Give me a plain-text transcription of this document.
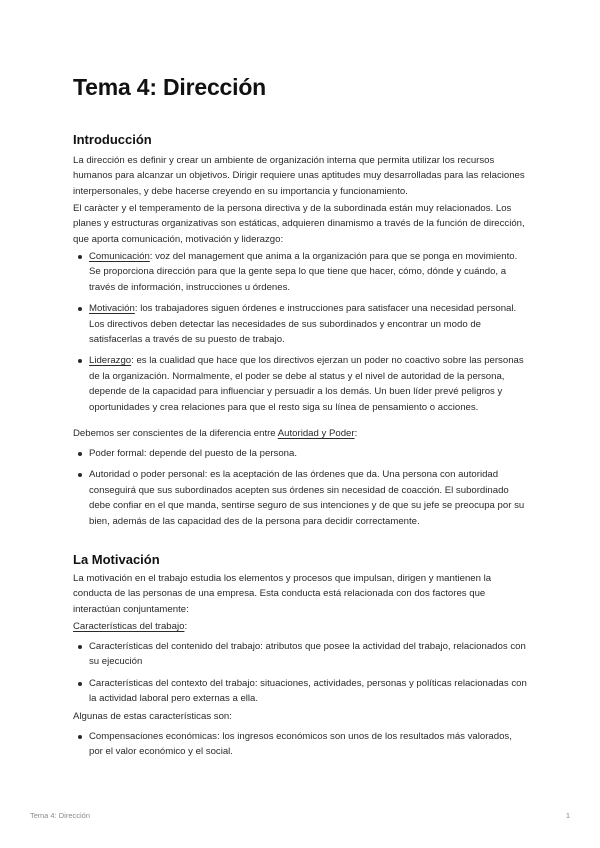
Tema 4: Dirección
Introducción

La dirección es definir y crear un ambiente de organización interna que permita utilizar los recursos humanos para alcanzar un objetivos. Dirigir requiere unas aptitudes muy desarrolladas para las relaciones interpersonales, y debe hacerse creyendo en su importancia y funcionamiento.

El caràcter y el temperamento de la persona directiva y de la subordinada están muy relacionados. Los planes y estructuras organizativas son estáticas, adquieren dinamismo a través de la función de dirección, que aporta comunicación, motivación y liderazgo:

Comunicación: voz del management que anima a la organización para que se ponga en movimiento. Se proporciona dirección para que la gente sepa lo que tiene que hacer, cómo, dónde y cuándo, a través de información, instrucciones u órdenes.
Motivación: los trabajadores siguen órdenes e instrucciones para satisfacer una necesidad personal. Los directivos deben detectar las necesidades de sus subordinados y encontrar un modo de satisfacerlas a través de su puesto de trabajo.
Liderazgo: es la cualidad que hace que los directivos ejerzan un poder no coactivo sobre las personas de la organización. Normalmente, el poder se debe al status y el nivel de autoridad de la persona, depende de la capacidad para influenciar y persuadir a los demás. Un buen líder prevé peligros y oportunidades y crea relaciones para que el resto siga su línea de pensamiento o acciones.

Debemos ser conscientes de la diferencia entre Autoridad y Poder:

Poder formal: depende del puesto de la persona.
Autoridad o poder personal: es la aceptación de las órdenes que da. Una persona con autoridad conseguirá que sus subordinados acepten sus órdenes sin necesidad de coacción. El subordinado debe confiar en el que manda, sentirse seguro de sus intenciones y de que su jefe se preocupa por su bien, además de las capacidad des de la persona para decidir correctamente.
La Motivación

La motivación en el trabajo estudia los elementos y procesos que impulsan, dirigen y mantienen la conducta de las personas de una empresa. Esta conducta está relacionada con dos factores que interactúan conjuntamente:

Características del trabajo:

Características del contenido del trabajo: atributos que posee la actividad del trabajo, relacionados con su ejecución
Características del contexto del trabajo: situaciones, actividades, personas y políticas relacionadas con la actividad laboral pero externas a ella.

Algunas de estas características son:

Compensaciones económicas: los ingresos económicos son unos de los resultados más valorados, por el valor económico y el social.
Tema 4: Dirección	1
